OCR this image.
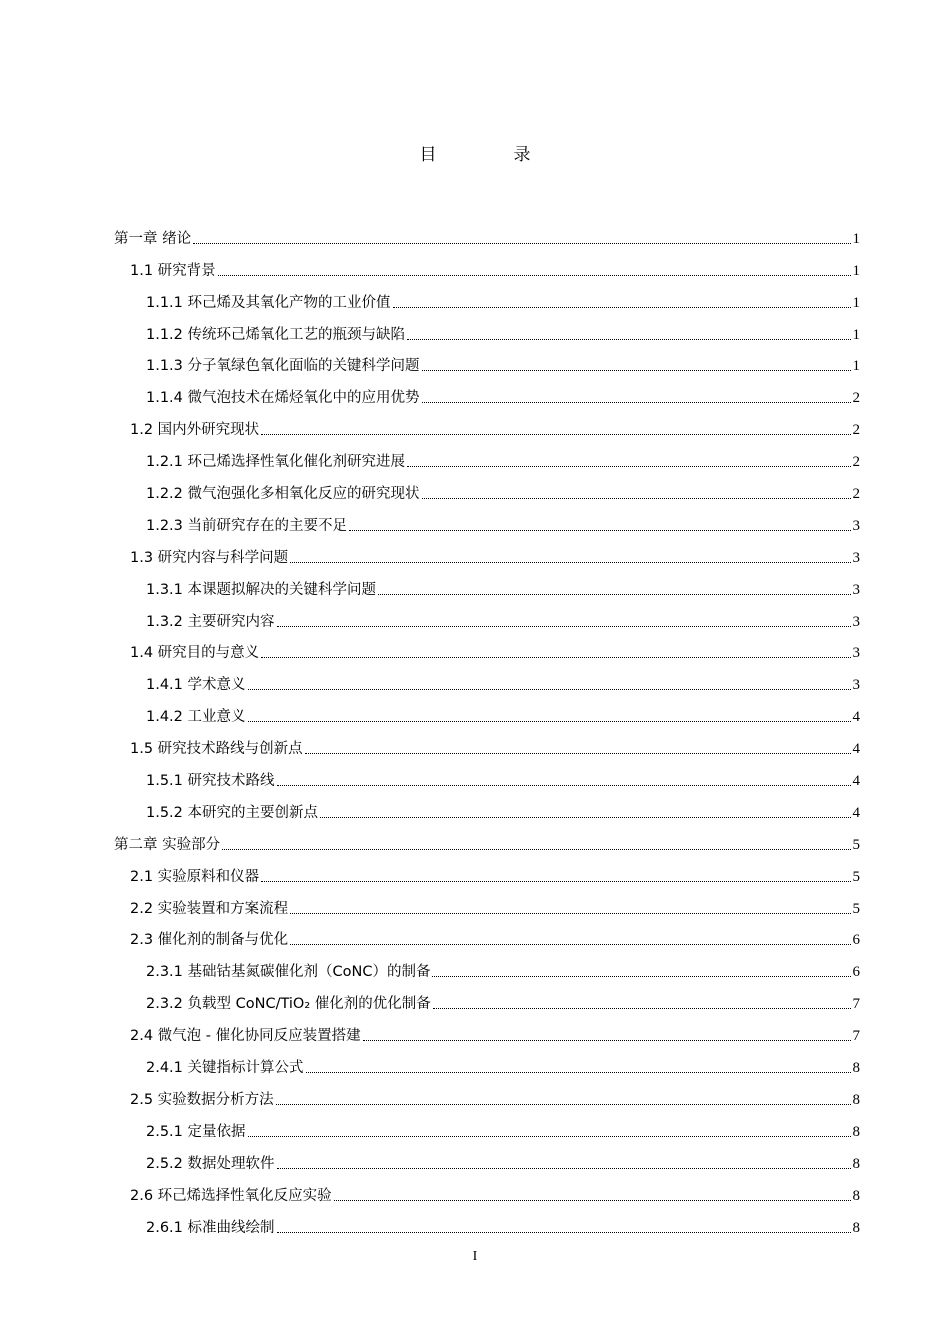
目　录
第一章 绪论	1
1.1 研究背景	1
1.1.1 环己烯及其氧化产物的工业价值	1
1.1.2 传统环己烯氧化工艺的瓶颈与缺陷	1
1.1.3 分子氧绿色氧化面临的关键科学问题	1
1.1.4 微气泡技术在烯烃氧化中的应用优势	2
1.2 国内外研究现状	2
1.2.1 环己烯选择性氧化催化剂研究进展	2
1.2.2 微气泡强化多相氧化反应的研究现状	2
1.2.3 当前研究存在的主要不足	3
1.3 研究内容与科学问题	3
1.3.1 本课题拟解决的关键科学问题	3
1.3.2 主要研究内容	3
1.4 研究目的与意义	3
1.4.1 学术意义	3
1.4.2 工业意义	4
1.5 研究技术路线与创新点	4
1.5.1 研究技术路线	4
1.5.2 本研究的主要创新点	4
第二章 实验部分	5
2.1 实验原料和仪器	5
2.2 实验装置和方案流程	5
2.3 催化剂的制备与优化	6
2.3.1 基础钴基氮碳催化剂（CoNC）的制备	6
2.3.2 负载型 CoNC/TiO₂ 催化剂的优化制备	7
2.4 微气泡 - 催化协同反应装置搭建	7
2.4.1 关键指标计算公式	8
2.5 实验数据分析方法	8
2.5.1 定量依据	8
2.5.2 数据处理软件	8
2.6 环己烯选择性氧化反应实验	8
2.6.1 标准曲线绘制	8
I
